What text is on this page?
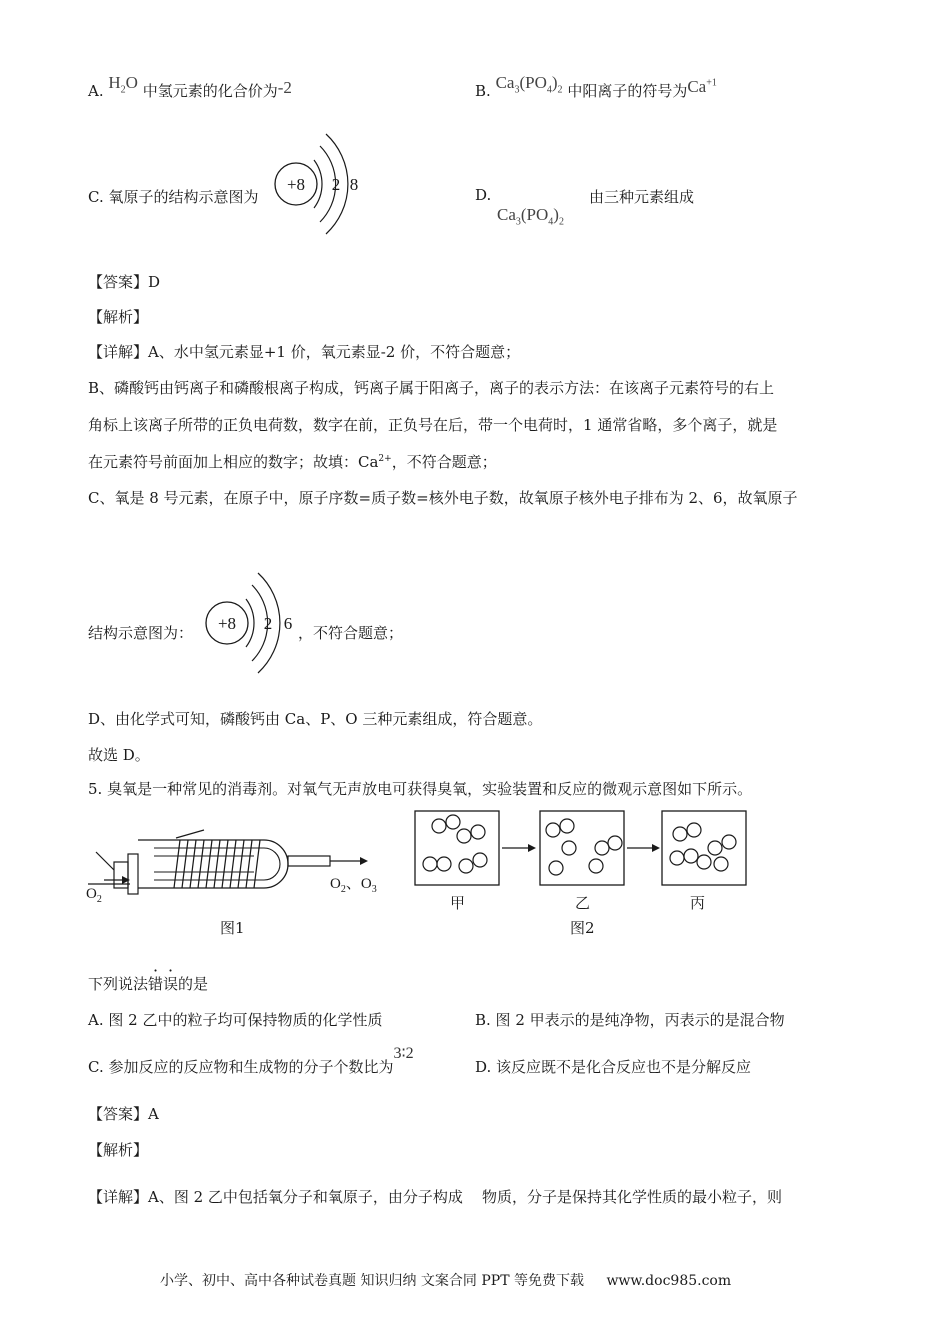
A. $H_2O$ 中氢元素的化合价为-2	B. $Ca_3(PO_4)_2$ 中阳离子的符号为$Ca^{+1}$
C. 氧原子的结构示意图为
+8 2 8
D.
$Ca_3(PO_4)_2$
由三种元素组成
【答案】D
【解析】
【详解】A、水中氢元素显+1 价，氧元素显-2 价，不符合题意；
B、磷酸钙由钙离子和磷酸根离子构成，钙离子属于阳离子，离子的表示方法：在该离子元素符号的右上
角标上该离子所带的正负电荷数，数字在前，正负号在后，带一个电荷时，1 通常省略，多个离子，就是
在元素符号前面加上相应的数字；故填：$Ca^{2+}$，不符合题意；
C、氧是 8 号元素，在原子中，原子序数=质子数=核外电子数，故氧原子核外电子排布为 2、6，故氧原子
结构示意图为： +8 2 6 ，不符合题意；
D、由化学式可知，磷酸钙由 Ca、P、O 三种元素组成，符合题意。
故选 D。
5. 臭氧是一种常见的消毒剂。对氧气无声放电可获得臭氧，实验装置和反应的微观示意图如下所示。
$O_2$
$O_2$、$O_3$
图1
甲	乙	丙
图2
下列说法错误的是
A. 图 2 乙中的粒子均可保持物质的化学性质	B. 图 2 甲表示的是纯净物，丙表示的是混合物
C. 参加反应的反应物和生成物的分子个数比为3∶2
D. 该反应既不是化合反应也不是分解反应
【答案】A
【解析】
【详解】A、图 2 乙中包括氧分子和氧原子，由分子构成    物质，分子是保持其化学性质的最小粒子，则
小学、初中、高中各种试卷真题 知识归纳 文案合同 PPT 等免费下载 www.doc985.com
